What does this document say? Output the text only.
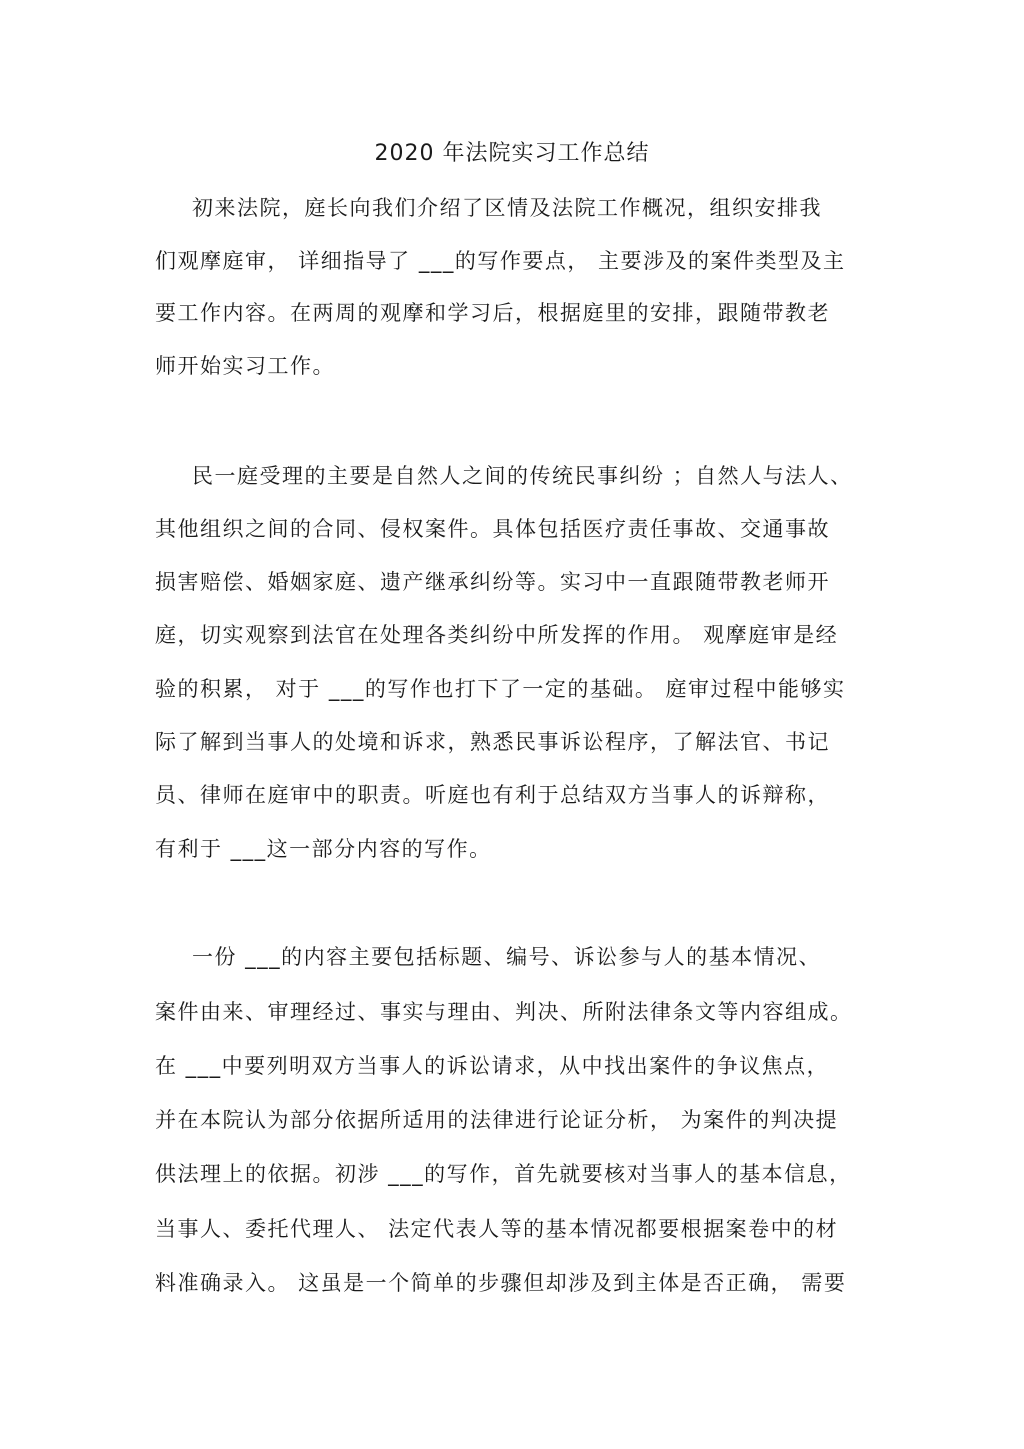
2020 年法院实习工作总结
初来法院，庭长向我们介绍了区情及法院工作概况，组织安排我
们观摩庭审， 详细指导了 ___的写作要点， 主要涉及的案件类型及主
要工作内容。在两周的观摩和学习后，根据庭里的安排，跟随带教老
师开始实习工作。
民一庭受理的主要是自然人之间的传统民事纠纷 ；自然人与法人、
其他组织之间的合同、侵权案件。具体包括医疗责任事故、交通事故
损害赔偿、婚姻家庭、遗产继承纠纷等。实习中一直跟随带教老师开
庭，切实观察到法官在处理各类纠纷中所发挥的作用。 观摩庭审是经
验的积累， 对于 ___的写作也打下了一定的基础。 庭审过程中能够实
际了解到当事人的处境和诉求，熟悉民事诉讼程序，了解法官、书记
员、律师在庭审中的职责。听庭也有利于总结双方当事人的诉辩称，
有利于 ___这一部分内容的写作。
一份 ___的内容主要包括标题、编号、诉讼参与人的基本情况、
案件由来、审理经过、事实与理由、判决、所附法律条文等内容组成。
在 ___中要列明双方当事人的诉讼请求，从中找出案件的争议焦点，
并在本院认为部分依据所适用的法律进行论证分析， 为案件的判决提
供法理上的依据。初涉 ___的写作，首先就要核对当事人的基本信息，
当事人、委托代理人、 法定代表人等的基本情况都要根据案卷中的材
料准确录入。 这虽是一个简单的步骤但却涉及到主体是否正确， 需要
